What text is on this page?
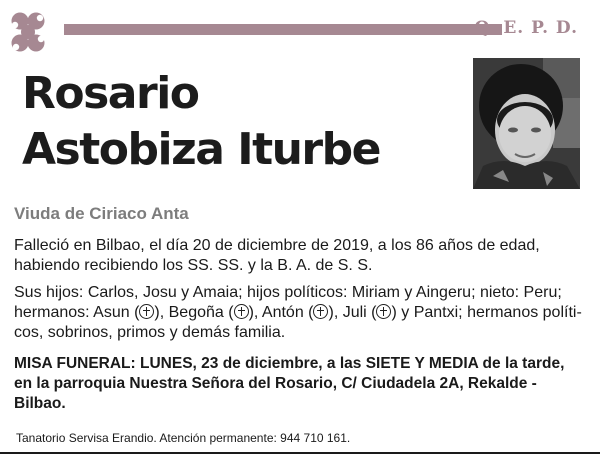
Q. E. P. D.
Rosario
Astobiza Iturbe
Viuda de Ciriaco Anta
Falleció en Bilbao, el día 20 de diciembre de 2019, a los 86 años de edad, habiendo recibiendo los SS. SS. y la B. A. de S. S.
Sus hijos: Carlos, Josu y Amaia; hijos políticos: Miriam y Aingeru; nieto: Peru; hermanos: Asun ( ), Begoña ( ), Antón ( ), Juli ( ) y Pantxi; hermanos políti-cos, sobrinos, primos y demás familia.
MISA FUNERAL: LUNES, 23 de diciembre, a las SIETE Y MEDIA de la tarde, en la parroquia Nuestra Señora del Rosario, C/ Ciudadela 2A, Rekalde - Bilbao.
Tanatorio Servisa Erandio. Atención permanente: 944 710 161.
